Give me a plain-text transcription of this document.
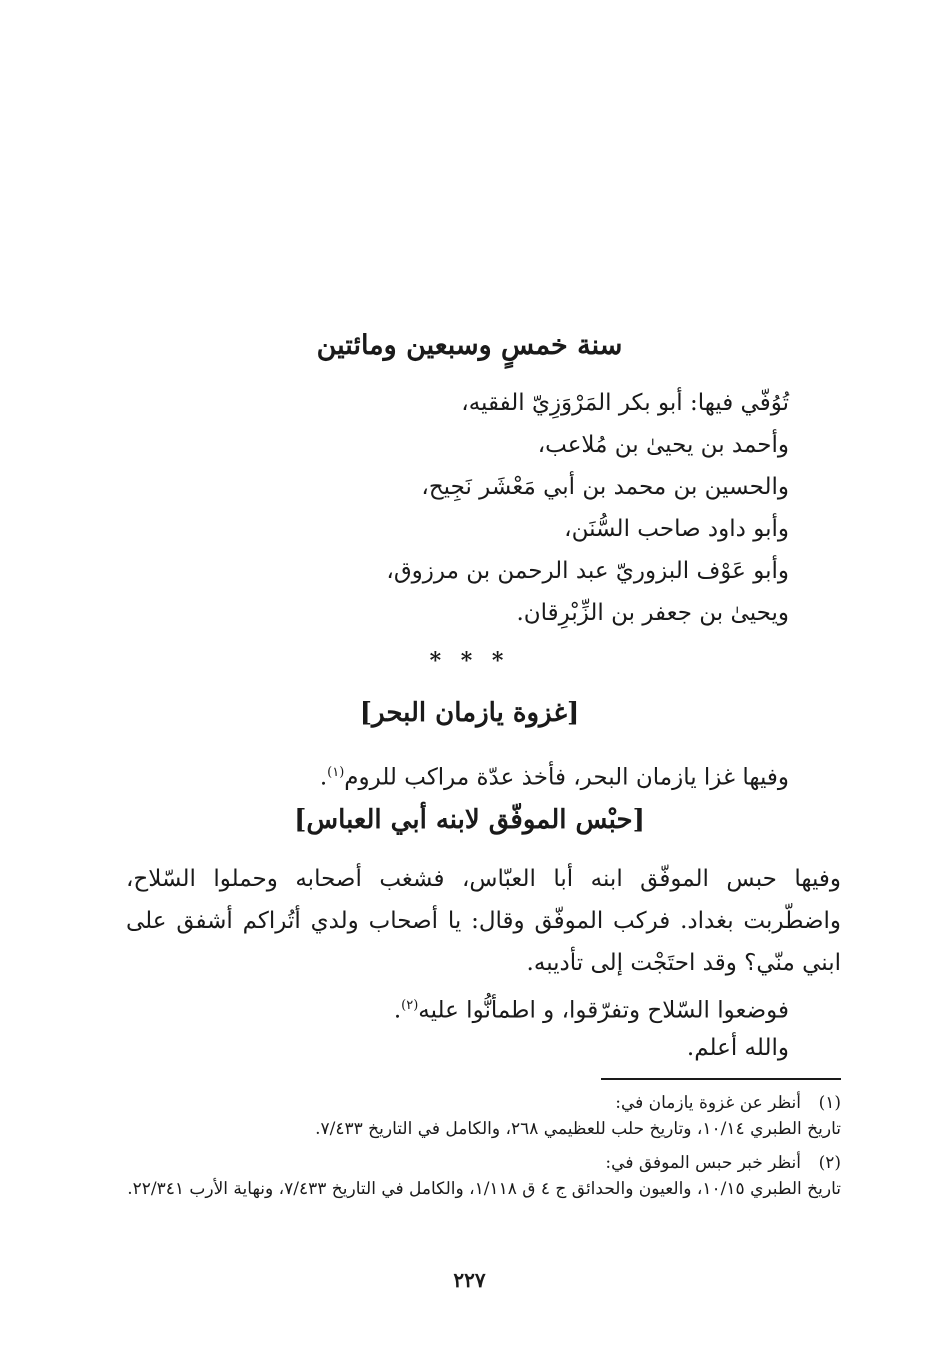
سنة خمسٍ وسبعين ومائتين
تُوُفّي فيها: أبو بكر المَرْوَزِيّ الفقيه،
وأحمد بن يحيىٰ بن مُلاعب،
والحسين بن محمد بن أبي مَعْشَر نَجِيح،
وأبو داود صاحب السُّنَن،
وأبو عَوْف البزوريّ عبد الرحمن بن مرزوق،
ويحيىٰ بن جعفر بن الزِّبْرِقان.
* * *
[غزوة يازمان البحر]
وفيها غزا يازمان البحر، فأخذ عدّة مراكب للروم$^{(١)}$.
[حبْس الموفّق لابنه أبي العباس]
وفيها حبس الموفّق ابنه أبا العبّاس، فشغب أصحابه وحملوا السّلاح، واضطّربت بغداد. فركب الموفّق وقال: يا أصحاب ولدي أتُراكم أشفق على ابني منّي؟ وقد احتَجْت إلى تأديبه.
فوضعوا السّلاح وتفرّقوا، و اطمأنُّوا عليه$^{(٢)}$.
والله أعلم.
(١)أنظر عن غزوة يازمان في:
تاريخ الطبري ١٠/١٤، وتاريخ حلب للعظيمي ٢٦٨، والكامل في التاريخ ٧/٤٣٣.
(٢)أنظر خبر حبس الموفق في:
تاريخ الطبري ١٠/١٥، والعيون والحدائق ج ٤ ق ١/١١٨، والكامل في التاريخ ٧/٤٣٣، ونهاية الأرب ٢٢/٣٤١.
٢٢٧
